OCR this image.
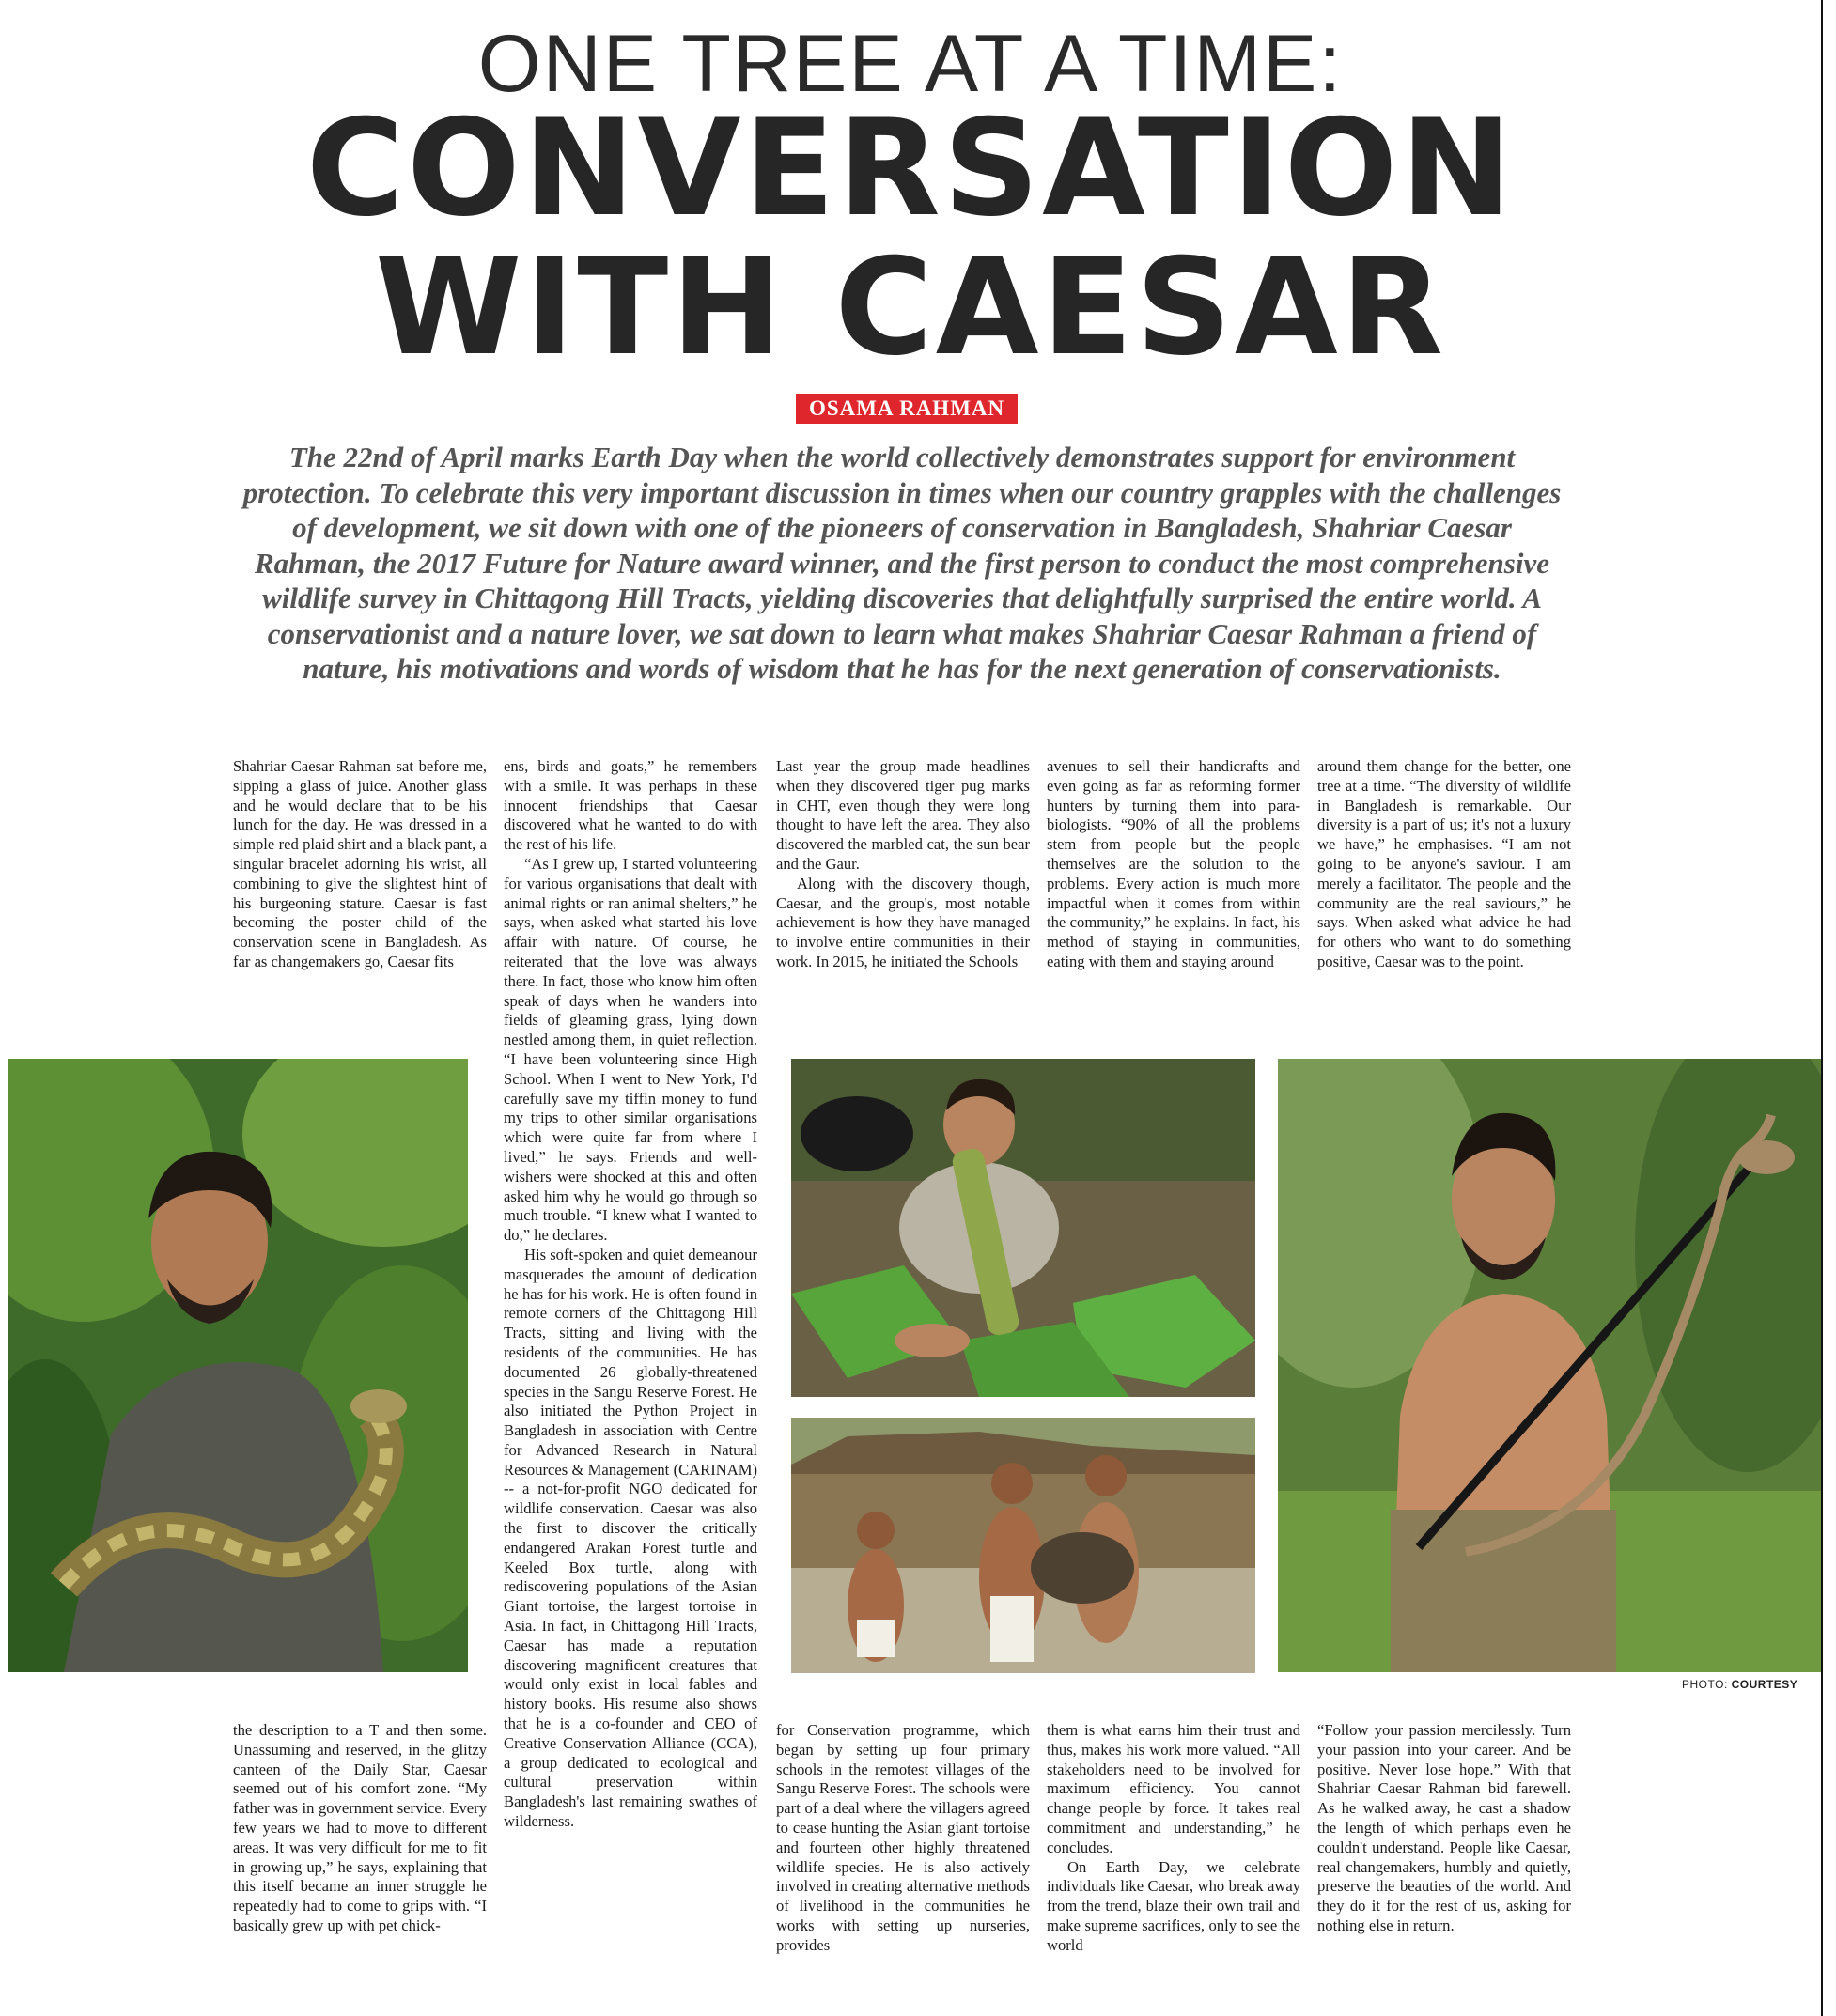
ONE TREE AT A TIME:
CONVERSATION
WITH CAESAR
OSAMA RAHMAN
The 22nd of April marks Earth Day when the world collectively demonstrates support for environment protection. To celebrate this very important discussion in times when our country grapples with the challenges of development, we sit down with one of the pioneers of conservation in Bangladesh, Shahriar Caesar Rahman, the 2017 Future for Nature award winner, and the first person to conduct the most comprehensive wildlife survey in Chittagong Hill Tracts, yielding discoveries that delightfully surprised the entire world. A conservationist and a nature lover, we sat down to learn what makes Shahriar Caesar Rahman a friend of nature, his motivations and words of wisdom that he has for the next generation of conservationists.

Shahriar Caesar Rahman sat before me, sipping a glass of juice. Another glass and he would declare that to be his lunch for the day. He was dressed in a simple red plaid shirt and a black pant, a singular bracelet adorning his wrist, all combining to give the slightest hint of his burgeoning stature. Caesar is fast becoming the poster child of the conservation scene in Bangladesh. As far as changemakers go, Caesar fits

the description to a T and then some. Unassuming and reserved, in the glitzy canteen of the Daily Star, Caesar seemed out of his comfort zone. “My father was in government service. Every few years we had to move to different areas. It was very difficult for me to fit in growing up,” he says, explaining that this itself became an inner struggle he repeatedly had to come to grips with. “I basically grew up with pet chick-

ens, birds and goats,” he remembers with a smile. It was perhaps in these innocent friendships that Caesar discovered what he wanted to do with the rest of his life.

“As I grew up, I started volunteering for various organisations that dealt with animal rights or ran animal shelters,” he says, when asked what started his love affair with nature. Of course, he reiterated that the love was always there. In fact, those who know him often speak of days when he wanders into fields of gleaming grass, lying down nestled among them, in quiet reflection. “I have been volunteering since High School. When I went to New York, I'd carefully save my tiffin money to fund my trips to other similar organisations which were quite far from where I lived,” he says. Friends and well-wishers were shocked at this and often asked him why he would go through so much trouble. “I knew what I wanted to do,” he declares.

His soft-spoken and quiet demeanour masquerades the amount of dedication he has for his work. He is often found in remote corners of the Chittagong Hill Tracts, sitting and living with the residents of the communities. He has documented 26 globally-threatened species in the Sangu Reserve Forest. He also initiated the Python Project in Bangladesh in association with Centre for Advanced Research in Natural Resources & Management (CARINAM) -- a not-for-profit NGO dedicated for wildlife conservation. Caesar was also the first to discover the critically endangered Arakan Forest turtle and Keeled Box turtle, along with rediscovering populations of the Asian Giant tortoise, the largest tortoise in Asia. In fact, in Chittagong Hill Tracts, Caesar has made a reputation discovering magnificent creatures that would only exist in local fables and history books. His resume also shows that he is a co-founder and CEO of Creative Conservation Alliance (CCA), a group dedicated to ecological and cultural preservation within Bangladesh's last remaining swathes of wilderness.

Last year the group made headlines when they discovered tiger pug marks in CHT, even though they were long thought to have left the area. They also discovered the marbled cat, the sun bear and the Gaur.

Along with the discovery though, Caesar, and the group's, most notable achievement is how they have managed to involve entire communities in their work. In 2015, he initiated the Schools

for Conservation programme, which began by setting up four primary schools in the remotest villages of the Sangu Reserve Forest. The schools were part of a deal where the villagers agreed to cease hunting the Asian giant tortoise and fourteen other highly threatened wildlife species. He is also actively involved in creating alternative methods of livelihood in the communities he works with setting up nurseries, provides

avenues to sell their handicrafts and even going as far as reforming former hunters by turning them into para-biologists. “90% of all the problems stem from people but the people themselves are the solution to the problems. Every action is much more impactful when it comes from within the community,” he explains. In fact, his method of staying in communities, eating with them and staying around

them is what earns him their trust and thus, makes his work more valued. “All stakeholders need to be involved for maximum efficiency. You cannot change people by force. It takes real commitment and understanding,” he concludes.

On Earth Day, we celebrate individuals like Caesar, who break away from the trend, blaze their own trail and make supreme sacrifices, only to see the world

around them change for the better, one tree at a time. “The diversity of wildlife in Bangladesh is remarkable. Our diversity is a part of us; it's not a luxury we have,” he emphasises. “I am not going to be anyone's saviour. I am merely a facilitator. The people and the community are the real saviours,” he says. When asked what advice he had for others who want to do something positive, Caesar was to the point.

“Follow your passion mercilessly. Turn your passion into your career. And be positive. Never lose hope.” With that Shahriar Caesar Rahman bid farewell. As he walked away, he cast a shadow the length of which perhaps even he couldn't understand. People like Caesar, real changemakers, humbly and quietly, preserve the beauties of the world. And they do it for the rest of us, asking for nothing else in return.

PHOTO: COURTESY
